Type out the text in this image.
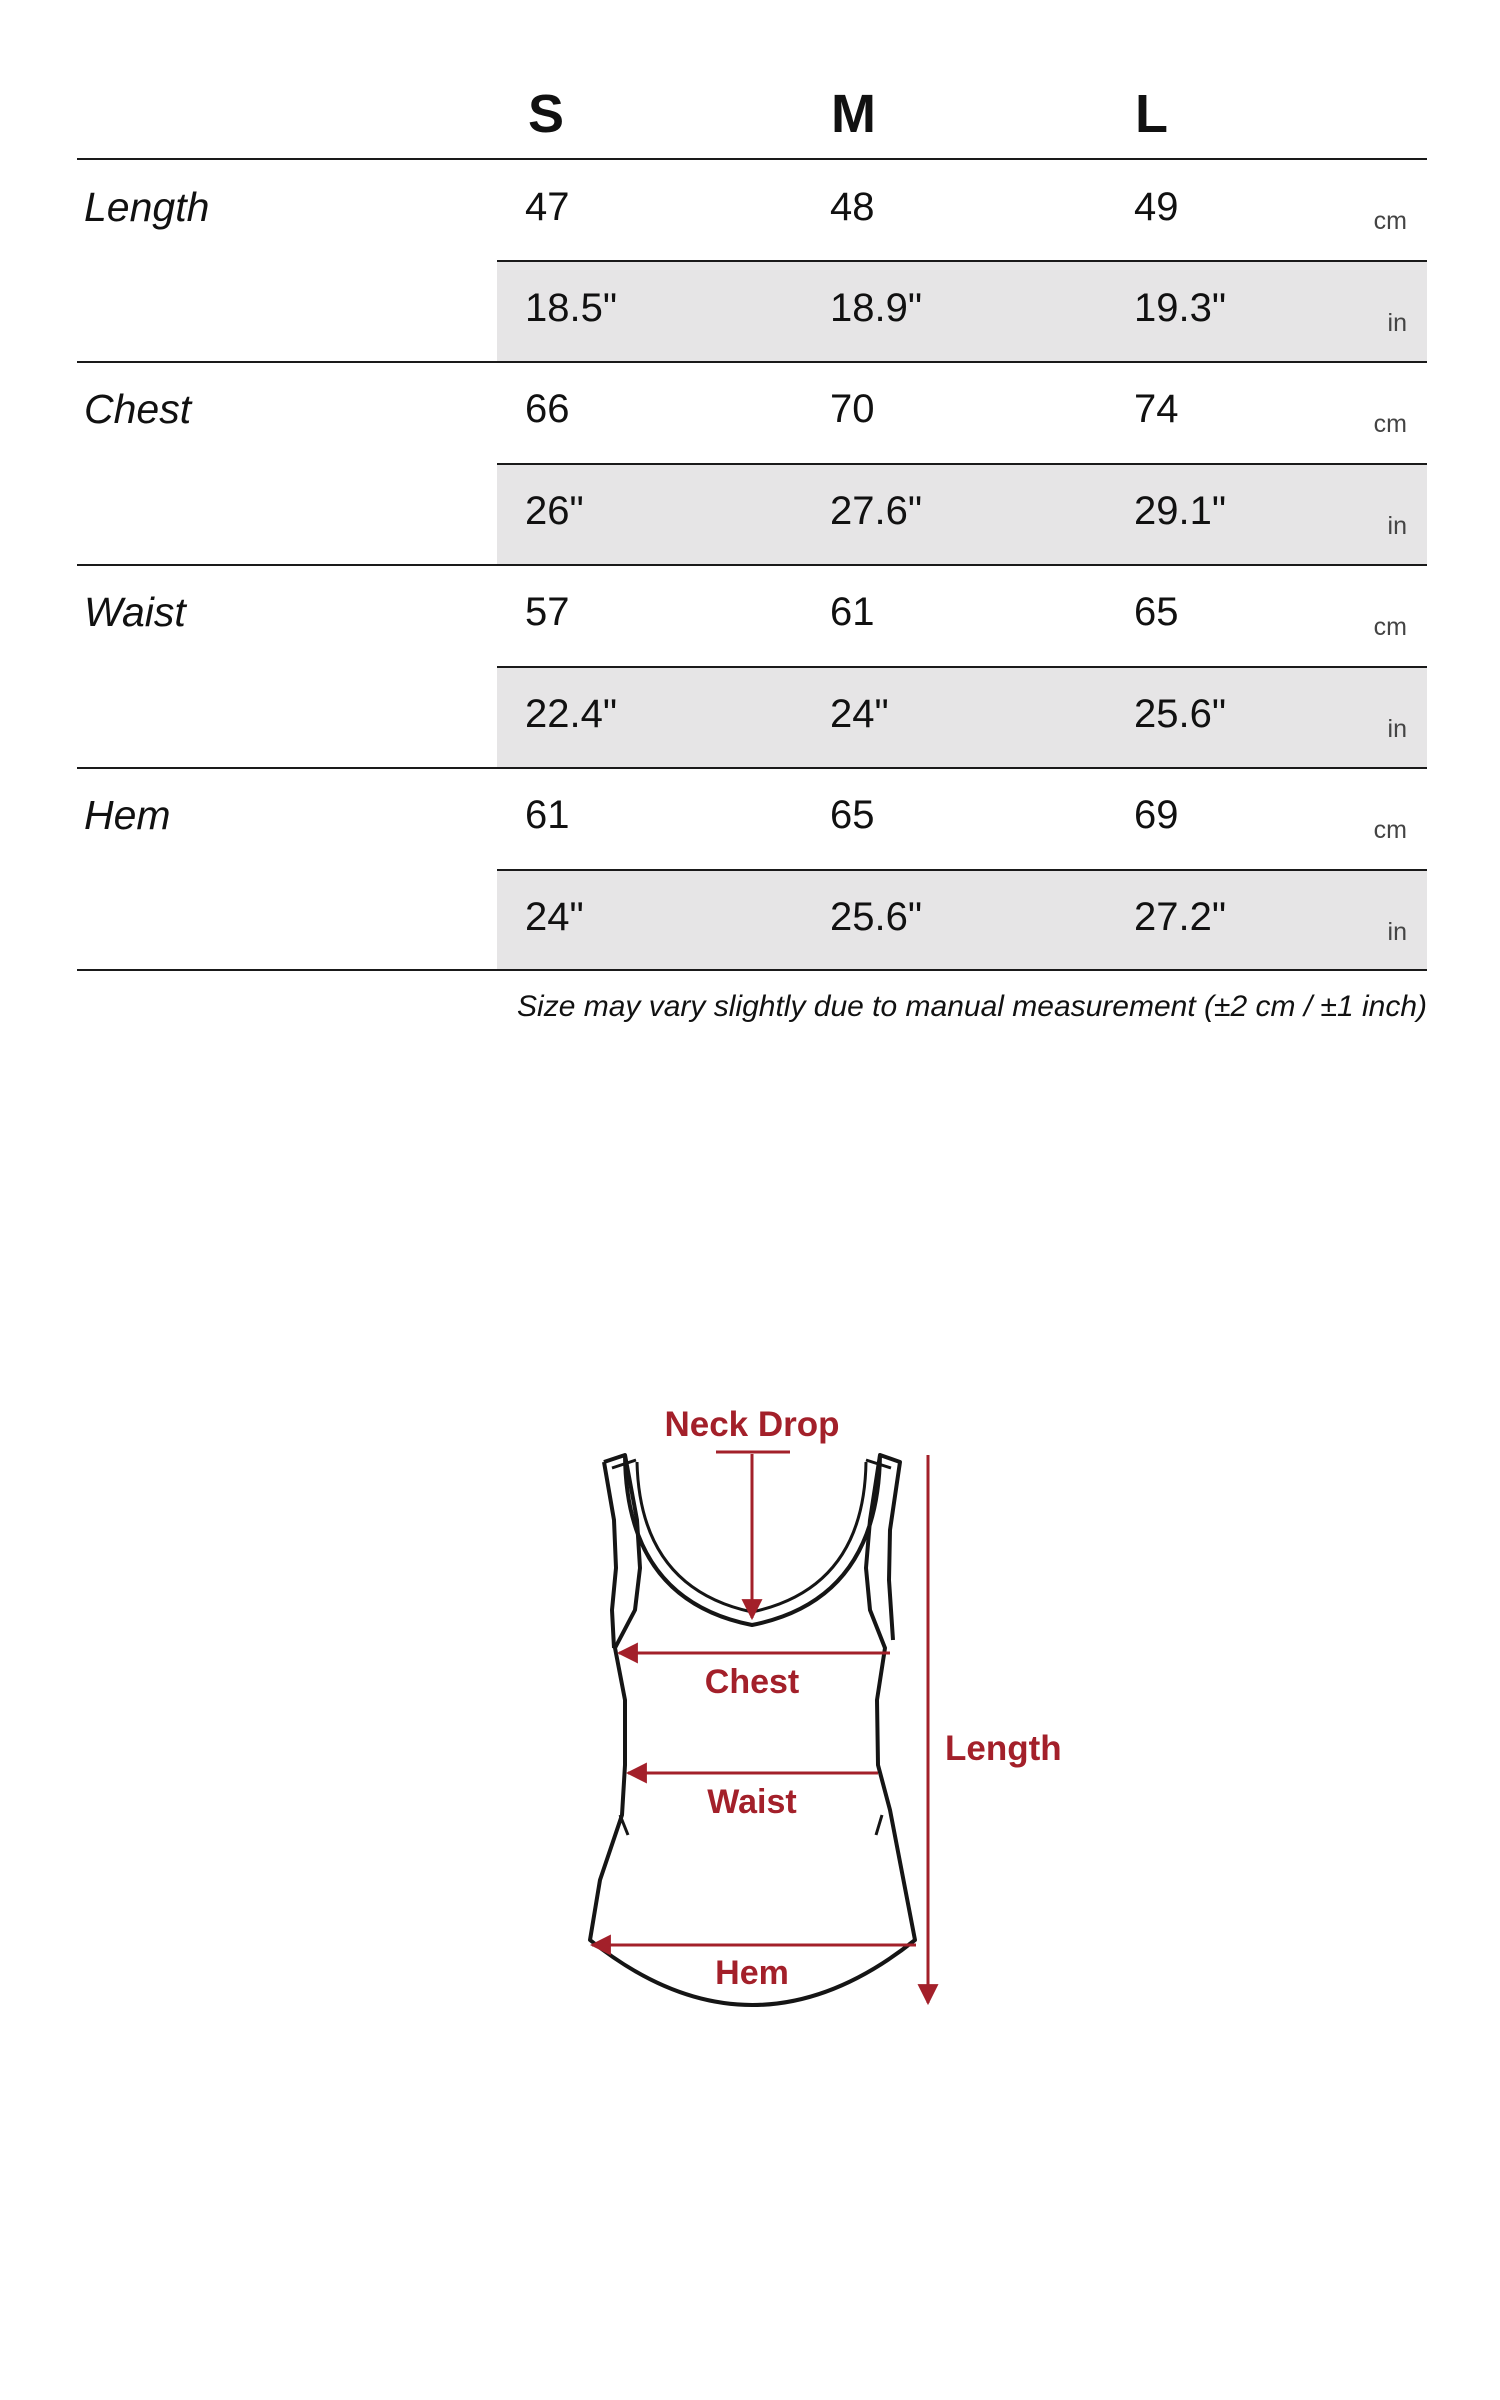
S	M	L
Length	47	48	49	cm
18.5"	18.9"	19.3"	in
Chest	66	70	74	cm
26"	27.6"	29.1"	in
Waist	57	61	65	cm
22.4"	24"	25.6"	in
Hem	61	65	69	cm
24"	25.6"	27.2"	in
Size may vary slightly due to manual measurement (±2 cm / ±1 inch)
Neck Drop
Chest
Waist
Hem
Length
